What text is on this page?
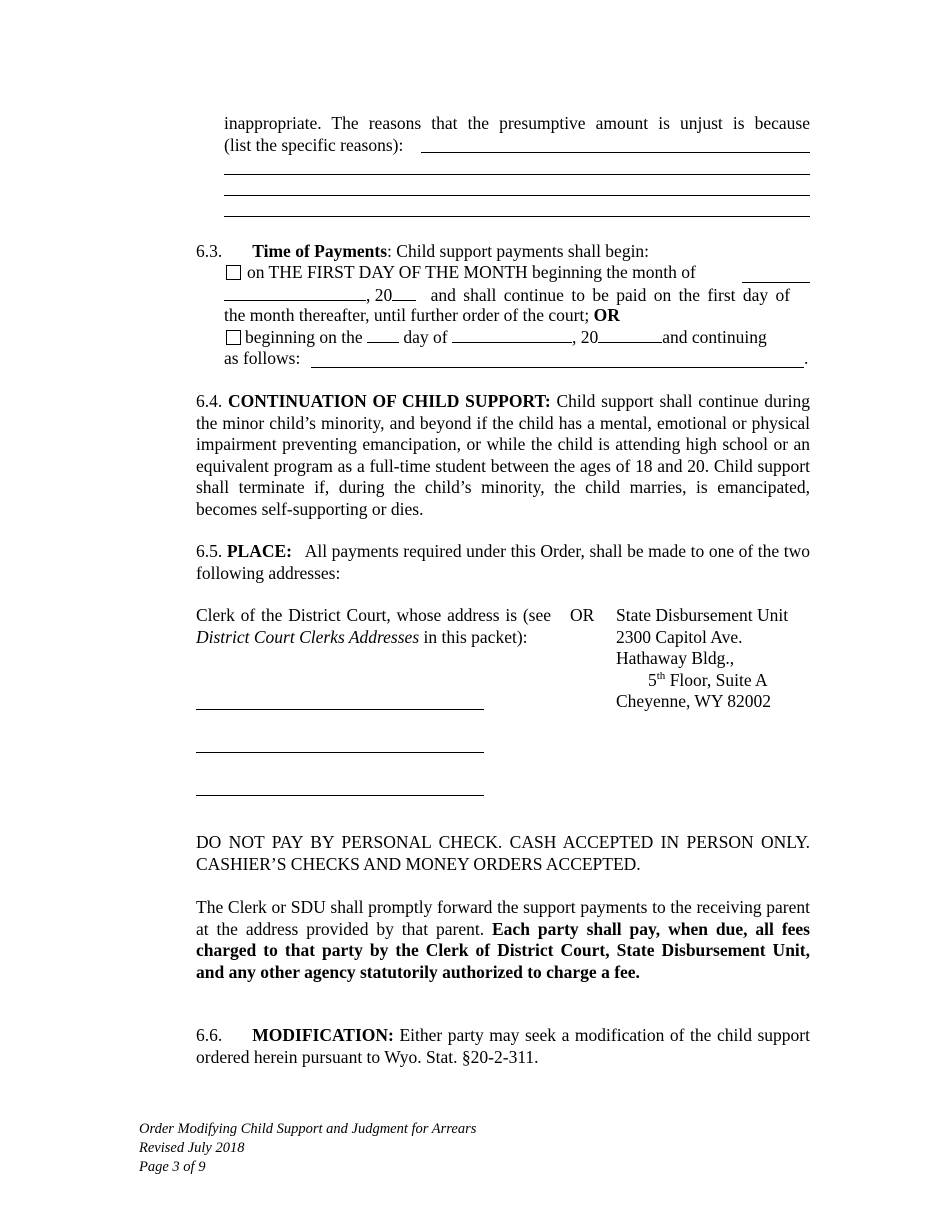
inappropriate. The reasons that the presumptive amount is unjust is because
(list the specific reasons):
6.3. Time of Payments: Child support payments shall begin:
on THE FIRST DAY OF THE MONTH beginning the month of
, 20 and shall continue to be paid on the first day of
the month thereafter, until further order of the court; OR
beginning on the day of	, 20	and continuing
as follows:	.
6.4. CONTINUATION OF CHILD SUPPORT: Child support shall continue during the minor child’s minority, and beyond if the child has a mental, emotional or physical impairment preventing emancipation, or while the child is attending high school or an equivalent program as a full-time student between the ages of 18 and 20. Child support shall terminate if, during the child’s minority, the child marries, is emancipated, becomes self-supporting or dies.
6.5. PLACE: All payments required under this Order, shall be made to one of the two following addresses:
Clerk of the District Court, whose address is (see District Court Clerks Addresses in this packet):
OR State Disbursement Unit
2300 Capitol Ave.
Hathaway Bldg.,
5th Floor, Suite A
Cheyenne, WY 82002
DO NOT PAY BY PERSONAL CHECK. CASH ACCEPTED IN PERSON ONLY. CASHIER’S CHECKS AND MONEY ORDERS ACCEPTED.
The Clerk or SDU shall promptly forward the support payments to the receiving parent at the address provided by that parent. Each party shall pay, when due, all fees charged to that party by the Clerk of District Court, State Disbursement Unit, and any other agency statutorily authorized to charge a fee.
6.6. MODIFICATION: Either party may seek a modification of the child support ordered herein pursuant to Wyo. Stat. §20-2-311.
Order Modifying Child Support and Judgment for Arrears
Revised July 2018
Page 3 of 9
